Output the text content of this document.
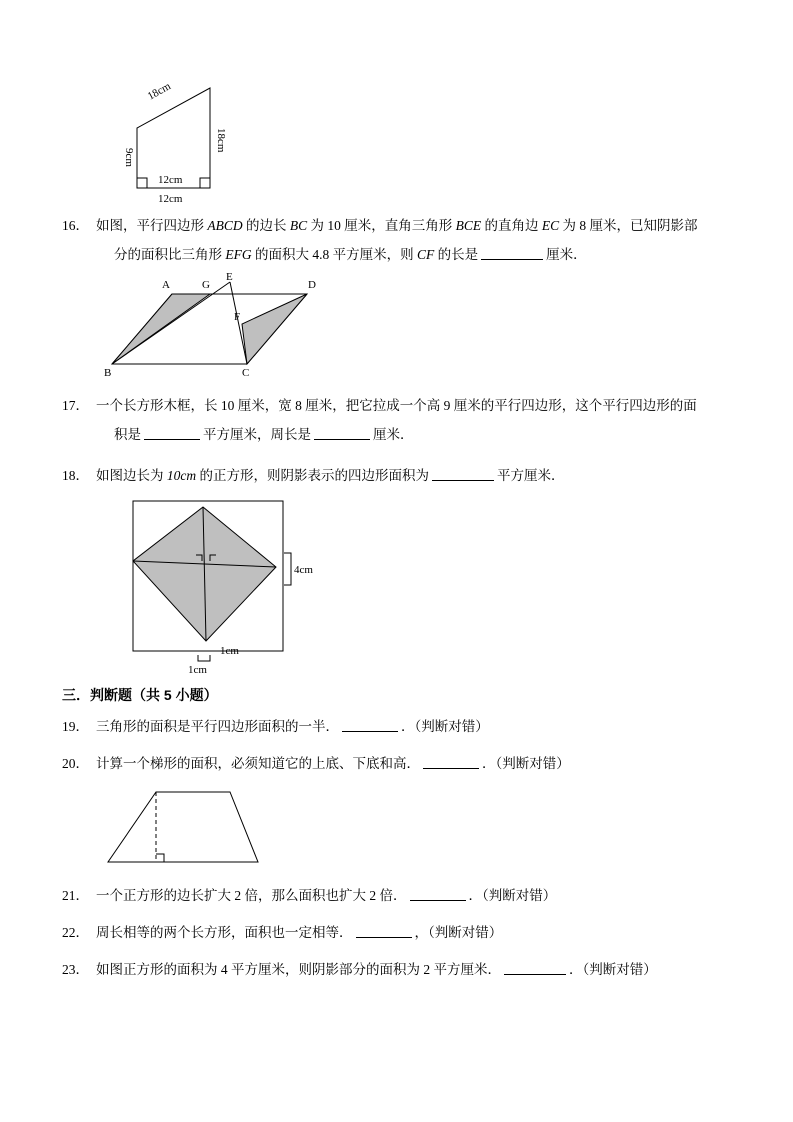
18cm
18cm
9cm
12cm
12cm
16． 如图，平行四边形 ABCD 的边长 BC 为 10 厘米，直角三角形 BCE 的直角边 EC 为 8 厘米，已知阴影部

分的面积比三角形 EFG 的面积大 4.8 平方厘米，则 CF 的长是	厘米．

A	G
E
D
F
B	C
17． 一个长方形木框，长 10 厘米，宽 8 厘米，把它拉成一个高 9 厘米的平行四边形，这个平行四边形的面

积是	平方厘米，周长是	厘米．

18． 如图边长为 10cm 的正方形，则阴影表示的四边形面积为	平方厘米．

4cm
1cm
1cm
三．判断题（共 5 小题）
19． 三角形的面积是平行四边形面积的一半．	．（判断对错）

20． 计算一个梯形的面积，必须知道它的上底、下底和高．	．（判断对错）

21． 一个正方形的边长扩大 2 倍，那么面积也扩大 2 倍．	．（判断对错）

22． 周长相等的两个长方形，面积也一定相等．	，（判断对错）

23． 如图正方形的面积为 4 平方厘米，则阴影部分的面积为 2 平方厘米．	．（判断对错）
